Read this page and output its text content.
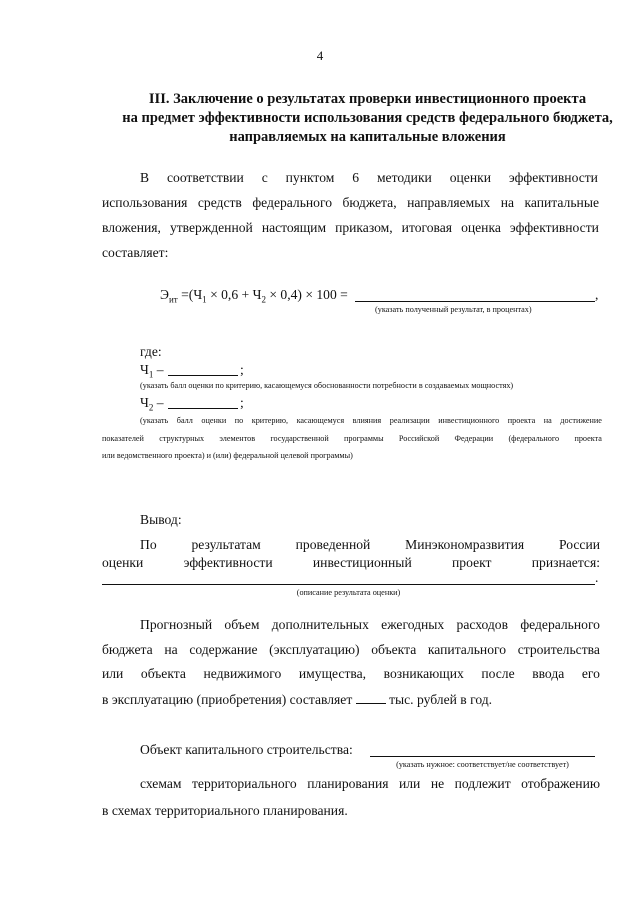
4
III. Заключение о результатах проверки инвестиционного проекта
на предмет эффективности использования средств федерального бюджета,
направляемых на капитальные вложения
В соответствии с пунктом 6 методики оценки эффективности
использования средств федерального бюджета, направляемых на капитальные
вложения, утвержденной настоящим приказом, итоговая оценка эффективности
составляет:
$Э_{ит} =(Ч_1 \times 0,6 + Ч_2 \times 0,4) \times 100$ =	,
(указать полученный результат, в процентах)
где:
$Ч_1$ –	;
(указать балл оценки по критерию, касающемуся обоснованности потребности в создаваемых мощностях)
$Ч_2$ –	;
(указать балл оценки по критерию, касающемуся влияния реализации инвестиционного проекта на достижение
показателей структурных элементов государственной программы Российской Федерации (федерального проекта
или ведомственного проекта) и (или) федеральной целевой программы)
Вывод:
По	результатам	проведенной	Минэкономразвития	России
оценки	эффективности	инвестиционный	проект	признается:
.
(описание результата оценки)
Прогнозный объем дополнительных ежегодных расходов федерального
бюджета на содержание (эксплуатацию) объекта капитального строительства
или объекта недвижимого имущества, возникающих после ввода его
в эксплуатацию (приобретения) составляет  тыс. рублей в год.
Объект капитального строительства:
(указать нужное: соответствует/не соответствует)
схемам территориального планирования или не подлежит отображению
в схемах территориального планирования.
